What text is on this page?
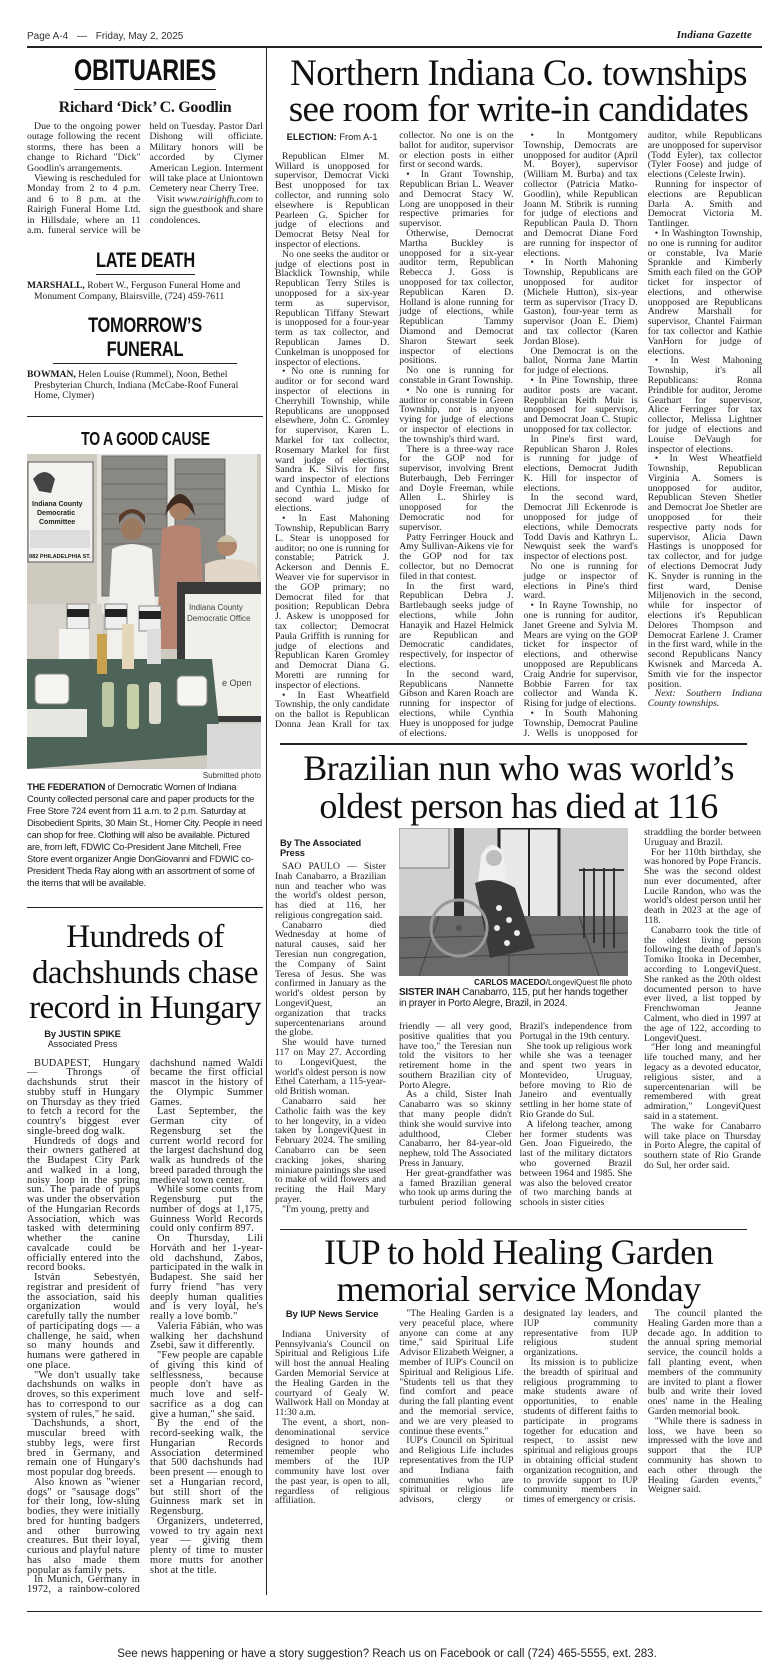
Page A-4 — Friday, May 2, 2025	Indiana Gazette
OBITUARIES
Richard ‘Dick’ C. Goodlin

Due to the ongoing power outage following the recent storms, there has been a change to Richard "Dick" Goodlin's arrangements.

Viewing is rescheduled for Monday from 2 to 4 p.m. and 6 to 8 p.m. at the Rairigh Funeral Home Ltd. in Hillsdale, where an 11 a.m. funeral service will be held on Tuesday. Pastor Darl Dishong will officiate. Military honors will be accorded by Clymer American Legion. Interment will take place at Uniontown Cemetery near Cherry Tree.

Visit www.rairighfh.com to sign the guestbook and share condolences.

LATE DEATH
MARSHALL, Robert W., Ferguson Funeral Home and Monument Company, Blairsville, (724) 459-7611
TOMORROW’S FUNERAL
BOWMAN, Helen Louise (Rummel), Noon, Bethel Presbyterian Church, Indiana (McCabe-Roof Funeral Home, Clymer)
TO A GOOD CAUSE
Indiana County
Democratic
Committee
982 PHILADELPHIA ST.
Indiana County
Democratic Office
e Open
Submitted photo
THE FEDERATION of Democratic Women of Indiana County collected personal care and paper products for the Free Store 724 event from 11 a.m. to 2 p.m. Saturday at Disobedient Spirits, 30 Main St., Homer City. People in need can shop for free. Clothing will also be available. Pictured are, from left, FDWIC Co-President Jane Mitchell, Free Store event organizer Angie DonGiovanni and FDWIC co-President Theda Ray along with an assortment of some of the items that will be available.
Hundreds of
dachshunds chase
record in Hungary
By JUSTIN SPIKE
Associated Press

BUDAPEST, Hungary — Throngs of dachshunds strut their stubby stuff in Hungary on Thursday as they tried to fetch a record for the country's biggest ever single-breed dog walk.

Hundreds of dogs and their owners gathered at the Budapest City Park and walked in a long, noisy loop in the spring sun. The parade of pups was under the observation of the Hungarian Records Association, which was tasked with determining whether the canine cavalcade could be officially entered into the record books.

István Sebestyén, registrar and president of the association, said his organization would carefully tally the number of participating dogs — a challenge, he said, when so many hounds and humans were gathered in one place.

"We don't usually take dachshunds on walks in droves, so this experiment has to correspond to our system of rules," he said.

Dachshunds, a short, muscular breed with stubby legs, were first bred in Germany, and remain one of Hungary's most popular dog breeds.

Also known as "wiener dogs" or "sausage dogs" for their long, low-slung bodies, they were initially bred for hunting badgers and other burrowing creatures. But their loyal, curious and playful nature has also made them popular as family pets.

In Munich, Germany in 1972, a rainbow-colored dachshund named Waldi became the first official mascot in the history of the Olympic Summer Games.

Last September, the German city of Regensburg set the current world record for the largest dachshund dog walk as hundreds of the breed paraded through the medieval town center.

While some counts from Regensburg put the number of dogs at 1,175, Guinness World Records could only confirm 897.

On Thursday, Lili Horváth and her 1-year-old dachshund, Zabos, participated in the walk in Budapest. She said her furry friend "has very deeply human qualities and is very loyal, he's really a love bomb."

Valeria Fábián, who was walking her dachshund Zsebi, saw it differently.

"Few people are capable of giving this kind of selflessness, because people don't have as much love and self-sacrifice as a dog can give a human," she said.

By the end of the record-seeking walk, the Hungarian Records Association determined that 500 dachshunds had been present — enough to set a Hungarian record, but still short of the Guinness mark set in Regensburg.

Organizers, undeterred, vowed to try again next year — giving them plenty of time to muster more mutts for another shot at the title.

Northern Indiana Co. townships
see room for write-in candidates
ELECTION: From A-1

Republican Elmer M. Willard is unopposed for supervisor, Democrat Vicki Best unopposed for tax collector, and running solo elsewhere is Republican Pearleen G. Spicher for judge of elections and Democrat Betsy Neal for inspector of elections.

No one seeks the auditor or judge of elections post in Blacklick Township, while Republican Terry Stiles is unopposed for a six-year term as supervisor, Republican Tiffany Stewart is unopposed for a four-year term as tax collector, and Republican James D. Cunkelman is unopposed for inspector of elections.

• No one is running for auditor or for second ward inspector of elections in Cherryhill Township, while Republicans are unopposed elsewhere, John C. Gromley for supervisor, Karen L. Markel for tax collector, Rosemary Markel for first ward judge of elections, Sandra K. Silvis for first ward inspector of elections and Cynthia L. Misko for second ward judge of elections.

• In East Mahoning Township, Republican Barry L. Stear is unopposed for auditor; no one is running for constable; Patrick J. Ackerson and Dennis E. Weaver vie for supervisor in the GOP primary; no Democrat filed for that position; Republican Debra J. Askew is unopposed for tax collector; Democrat Paula Griffith is running for judge of elections and Republican Karen Gromley and Democrat Diana G. Moretti are running for inspector of elections.

• In East Wheatfield Township, the only candidate on the ballot is Republican Donna Jean Krall for tax collector. No one is on the ballot for auditor, supervisor or election posts in either first or second wards.

• In Grant Township, Republican Brian L. Weaver and Democrat Stacy W. Long are unopposed in their respective primaries for supervisor.

Otherwise, Democrat Martha Buckley is unopposed for a six-year auditor term, Republican Rebecca J. Goss is unopposed for tax collector, Republican Karen D. Holland is alone running for judge of elections, while Republican Tammy Diamond and Democrat Sharon Stewart seek inspector of elections positions.

No one is running for constable in Grant Township.

• No one is running for auditor or constable in Green Township, nor is anyone vying for judge of elections or inspector of elections in the township's third ward.

There is a three-way race for the GOP nod for supervisor, involving Brent Buterbaugh, Deb Ferringer and Doyle Freeman, while Allen L. Shirley is unopposed for the Democratic nod for supervisor.

Patty Ferringer Houck and Amy Sullivan-Aikens vie for the GOP nod for tax collector, but no Democrat filed in that contest.

In the first ward, Republican Debra J. Bartlebaugh seeks judge of elections, while John Hanayik and Hazel Helmick are Republican and Democratic candidates, respectively, for inspector of elections.

In the second ward, Republicans Nannette Gibson and Karen Roach are running for inspector of elections, while Cynthia Huey is unopposed for judge of elections.

• In Montgomery Township, Democrats are unopposed for auditor (April M. Boyer), supervisor (William M. Burba) and tax collector (Patricia Matko-Goodlin), while Republican Joann M. Stibrik is running for judge of elections and Republican Paula D. Thorn and Democrat Diane Ford are running for inspector of elections.

• In North Mahoning Township, Republicans are unopposed for auditor (Michele Hutton), six-year term as supervisor (Tracy D. Gaston), four-year term as supervisor (Joan E. Diem) and tax collector (Karen Jordan Blose).

One Democrat is on the ballot, Norma Jane Martin for judge of elections.

• In Pine Township, three auditor posts are vacant. Republican Keith Muir is unopposed for supervisor, and Democrat Joan C. Stupic unopposed for tax collector.

In Pine's first ward, Republican Sharon J. Roles is running for judge of elections, Democrat Judith K. Hill for inspector of elections.

In the second ward, Democrat Jill Eckenrode is unopposed for judge of elections, while Democrats Todd Davis and Kathryn L. Newquist seek the ward's inspector of elections post.

No one is running for judge or inspector of elections in Pine's third ward.

• In Rayne Township, no one is running for auditor, Janet Greene and Sylvia M. Mears are vying on the GOP ticket for inspector of elections, and otherwise unopposed are Republicans Craig Andrie for supervisor, Bobbie Farren for tax collector and Wanda K. Rising for judge of elections.

• In South Mahoning Township, Democrat Pauline J. Wells is unopposed for auditor, while Republicans are unopposed for supervisor (Todd Eyler), tax collector (Tyler Foose) and judge of elections (Celeste Irwin).

Running for inspector of elections are Republican Darla A. Smith and Democrat Victoria M. Tantlinger.

• In Washington Township, no one is running for auditor or constable, Iva Marie Sprankle and Kimberly Smith each filed on the GOP ticket for inspector of elections, and otherwise unopposed are Republicans Andrew Marshall for supervisor, Chantel Fairman for tax collector and Kathie VanHorn for judge of elections.

• In West Mahoning Township, it's all Republicans: Ronna Prindible for auditor, Jerome Gearhart for supervisor, Alice Ferringer for tax collector, Melissa Lightner for judge of elections and Louise DeVaugh for inspector of elections.

• In West Wheatfield Township, Republican Virginia A. Somers is unopposed for auditor, Republican Steven Shetler and Democrat Joe Shetler are unopposed for their respective party nods for supervisor, Alicia Dawn Hastings is unopposed for tax collector, and for judge of elections Democrat Judy K. Snyder is running in the first ward, Denise Miljenovich in the second, while for inspector of elections it's Republican Delores Thompson and Democrat Earlene J. Cramer in the first ward, while in the second Republicans Nancy Kwisnek and Marceda A. Smith vie for the inspector position.

Next: Southern Indiana County townships.

Brazilian nun who was world’s
oldest person has died at 116
By The Associated Press

SAO PAULO — Sister Inah Canabarro, a Brazilian nun and teacher who was the world's oldest person, has died at 116, her religious congregation said.

Canabarro died Wednesday at home of natural causes, said her Teresian nun congregation, the Company of Saint Teresa of Jesus. She was confirmed in January as the world's oldest person by LongeviQuest, an organization that tracks supercentenarians around the globe.

She would have turned 117 on May 27. According to LongeviQuest, the world's oldest person is now Ethel Caterham, a 115-year-old British woman.

Canabarro said her Catholic faith was the key to her longevity, in a video taken by LongeviQuest in February 2024. The smiling Canabarro can be seen cracking jokes, sharing miniature paintings she used to make of wild flowers and reciting the Hail Mary prayer.

"I'm young, pretty and

CARLOS MACEDO/LongeviQuest file photo
SISTER INAH Canabarro, 115, put her hands together in prayer in Porto Alegre, Brazil, in 2024.

friendly — all very good, positive qualities that you have too," the Teresian nun told the visitors to her retirement home in the southern Brazilian city of Porto Alegre.

As a child, Sister Inah Canabarro was so skinny that many people didn't think she would survive into adulthood, Cleber Canabarro, her 84-year-old nephew, told The Associated Press in January.

Her great-grandfather was a famed Brazilian general who took up arms during the turbulent period following Brazil's independence from Portugal in the 19th century.

She took up religious work while she was a teenager and spent two years in Montevideo, Uruguay, before moving to Rio de Janeiro and eventually settling in her home state of Rio Grande do Sul.

A lifelong teacher, among her former students was Gen. Joao Figueiredo, the last of the military dictators who governed Brazil between 1964 and 1985. She was also the beloved creator of two marching bands at schools in sister cities

straddling the border between Uruguay and Brazil.

For her 110th birthday, she was honored by Pope Francis. She was the second oldest nun ever documented, after Lucile Randon, who was the world's oldest person until her death in 2023 at the age of 118.

Canabarro took the title of the oldest living person following the death of Japan's Tomiko Itooka in December, according to LongeviQuest. She ranked as the 20th oldest documented person to have ever lived, a list topped by Frenchwoman Jeanne Calment, who died in 1997 at the age of 122, according to LongeviQuest.

"Her long and meaningful life touched many, and her legacy as a devoted educator, religious sister, and a supercentenarian will be remembered with great admiration," LongeviQuest said in a statement.

The wake for Canabarro will take place on Thursday in Porto Alegre, the capital of southern state of Rio Grande do Sul, her order said.

IUP to hold Healing Garden
memorial service Monday
By IUP News Service

Indiana University of Pennsylvania's Council on Spiritual and Religious Life will host the annual Healing Garden Memorial Service at the Healing Garden in the courtyard of Gealy W. Wallwork Hall on Monday at 11:30 a.m.

The event, a short, non-denominational service designed to honor and remember people who members of the IUP community have lost over the past year, is open to all, regardless of religious affiliation.

"The Healing Garden is a very peaceful place, where anyone can come at any time," said Spiritual Life Advisor Elizabeth Weigner, a member of IUP's Council on Spiritual and Religious Life. "Students tell us that they find comfort and peace during the fall planting event and the memorial service, and we are very pleased to continue these events."

IUP's Council on Spiritual and Religious Life includes representatives from the IUP and Indiana faith communities who are spiritual or religious life advisors, clergy or designated lay leaders, and IUP community representative from IUP religious student organizations.

Its mission is to publicize the breadth of spiritual and religious programming to make students aware of opportunities, to enable students of different faiths to participate in programs together for education and respect, to assist new spiritual and religious groups in obtaining official student organization recognition, and to provide support to IUP community members in times of emergency or crisis.

The council planted the Healing Garden more than a decade ago. In addition to the annual spring memorial service, the council holds a fall planting event, when members of the community are invited to plant a flower bulb and write their loved ones' name in the Healing Garden memorial book.

"While there is sadness in loss, we have been so impressed with the love and support that the IUP community has shown to each other through the Healing Garden events," Weigner said.

See news happening or have a story suggestion? Reach us on Facebook or call (724) 465-5555, ext. 283.
